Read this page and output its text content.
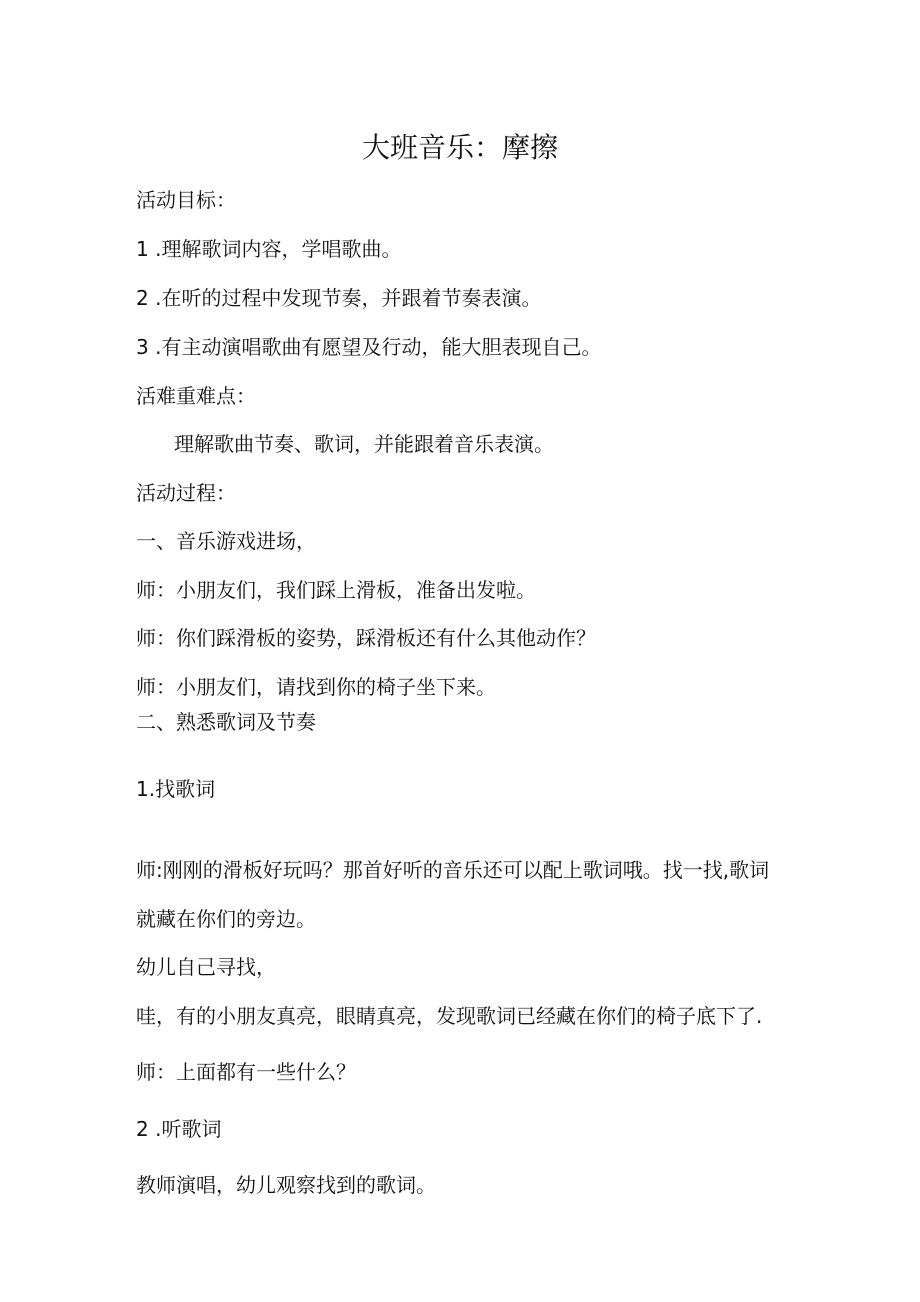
大班音乐：摩擦
活动目标：
1 .理解歌词内容，学唱歌曲。
2 .在听的过程中发现节奏，并跟着节奏表演。
3 .有主动演唱歌曲有愿望及行动，能大胆表现自己。
活难重难点：
理解歌曲节奏、歌词，并能跟着音乐表演。
活动过程：
一、音乐游戏进场，
师：小朋友们，我们踩上滑板，准备出发啦。
师：你们踩滑板的姿势，踩滑板还有什么其他动作？
师：小朋友们，请找到你的椅子坐下来。
二、熟悉歌词及节奏
1.找歌词
师:刚刚的滑板好玩吗？那首好听的音乐还可以配上歌词哦。找一找,歌词
就藏在你们的旁边。
幼儿自己寻找，
哇，有的小朋友真亮，眼睛真亮，发现歌词已经藏在你们的椅子底下了.
师：上面都有一些什么？
2 .听歌词
教师演唱，幼儿观察找到的歌词。
